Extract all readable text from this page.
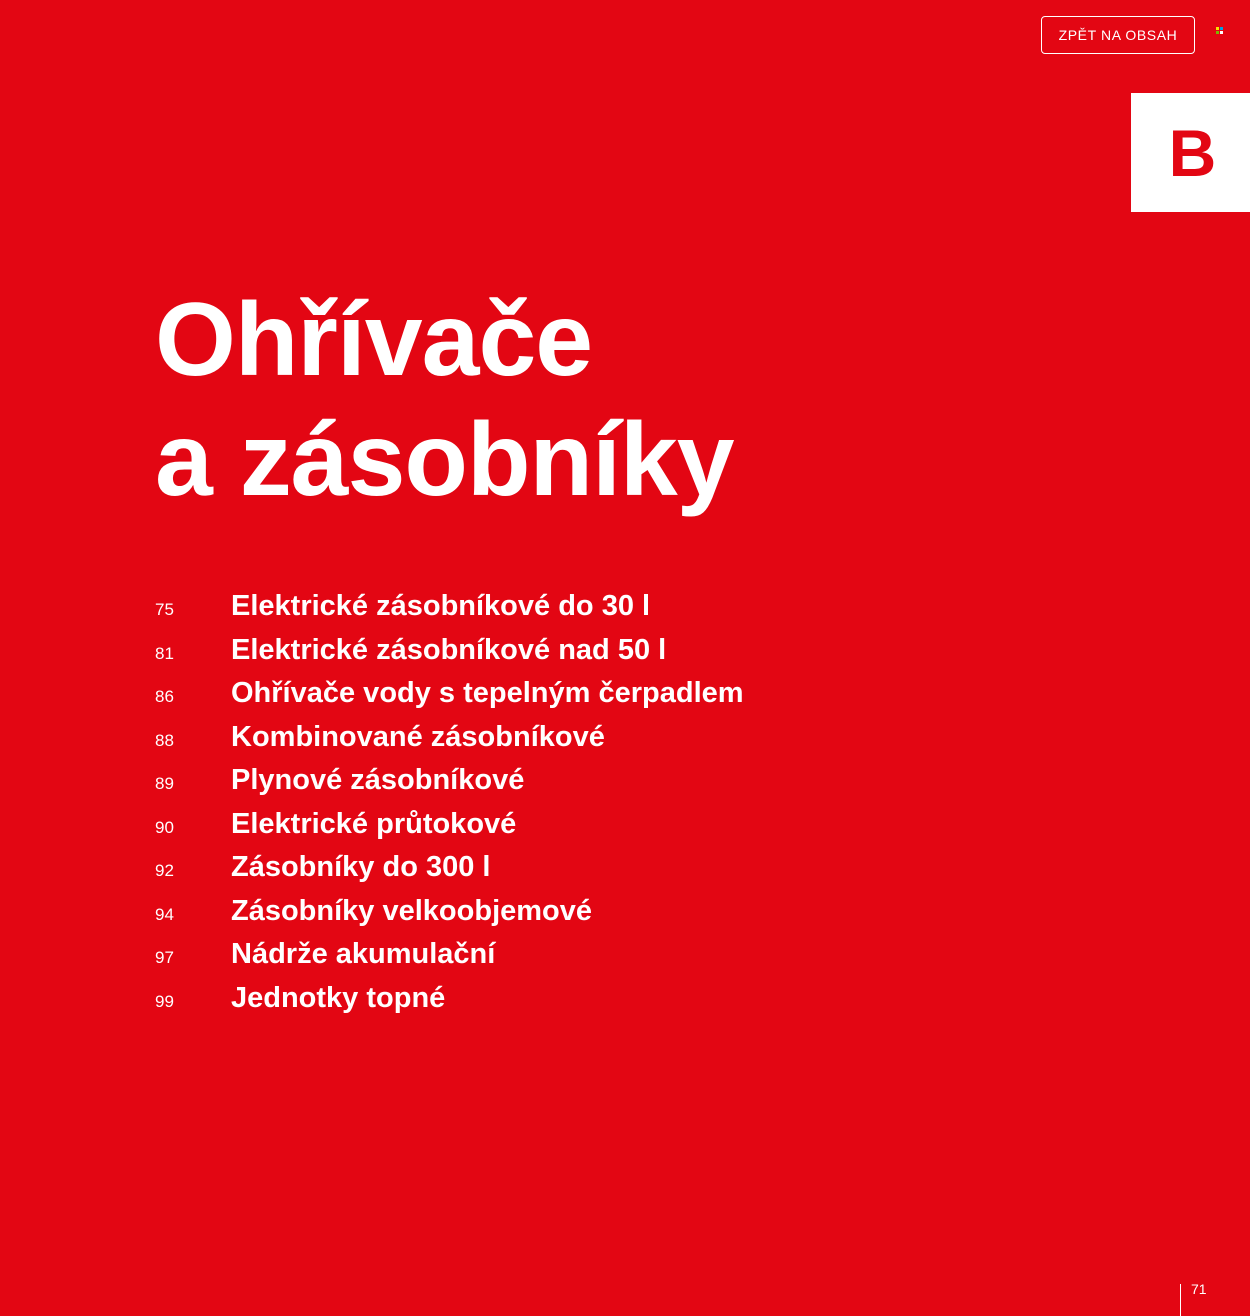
ZPĚT NA OBSAH
B
Ohřívače
a zásobníky
75	Elektrické zásobníkové do 30 l
81	Elektrické zásobníkové nad 50 l
86	Ohřívače vody s tepelným čerpadlem
88	Kombinované zásobníkové
89	Plynové zásobníkové
90	Elektrické průtokové
92	Zásobníky do 300 l
94	Zásobníky velkoobjemové
97	Nádrže akumulační
99	Jednotky topné
71
